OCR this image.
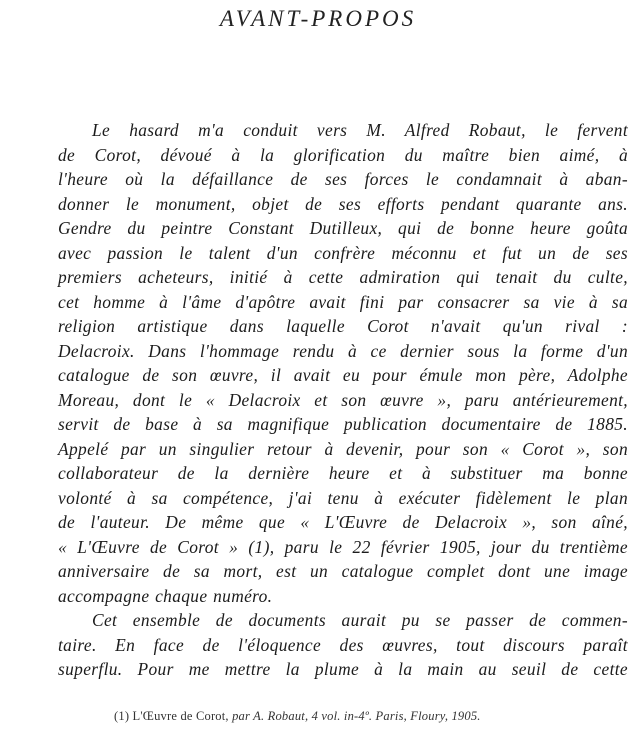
AVANT-PROPOS
Le hasard m'a conduit vers M. Alfred Robaut, le fervent
de Corot, dévoué à la glorification du maître bien aimé, à
l'heure où la défaillance de ses forces le condamnait à aban-
donner le monument, objet de ses efforts pendant quarante ans.
Gendre du peintre Constant Dutilleux, qui de bonne heure goûta
avec passion le talent d'un confrère méconnu et fut un de ses
premiers acheteurs, initié à cette admiration qui tenait du culte,
cet homme à l'âme d'apôtre avait fini par consacrer sa vie à sa
religion artistique dans laquelle Corot n'avait qu'un rival :
Delacroix. Dans l'hommage rendu à ce dernier sous la forme d'un
catalogue de son œuvre, il avait eu pour émule mon père, Adolphe
Moreau, dont le « Delacroix et son œuvre », paru antérieurement,
servit de base à sa magnifique publication documentaire de 1885.
Appelé par un singulier retour à devenir, pour son « Corot », son
collaborateur de la dernière heure et à substituer ma bonne
volonté à sa compétence, j'ai tenu à exécuter fidèlement le plan
de l'auteur. De même que « L'Œuvre de Delacroix », son aîné,
« L'Œuvre de Corot » (1), paru le 22 février 1905, jour du trentième
anniversaire de sa mort, est un catalogue complet dont une image
accompagne chaque numéro.
Cet ensemble de documents aurait pu se passer de commen-
taire. En face de l'éloquence des œuvres, tout discours paraît
superflu. Pour me mettre la plume à la main au seuil de cette
(1) L'Œuvre de Corot, par A. Robaut, 4 vol. in-4º. Paris, Floury, 1905.
